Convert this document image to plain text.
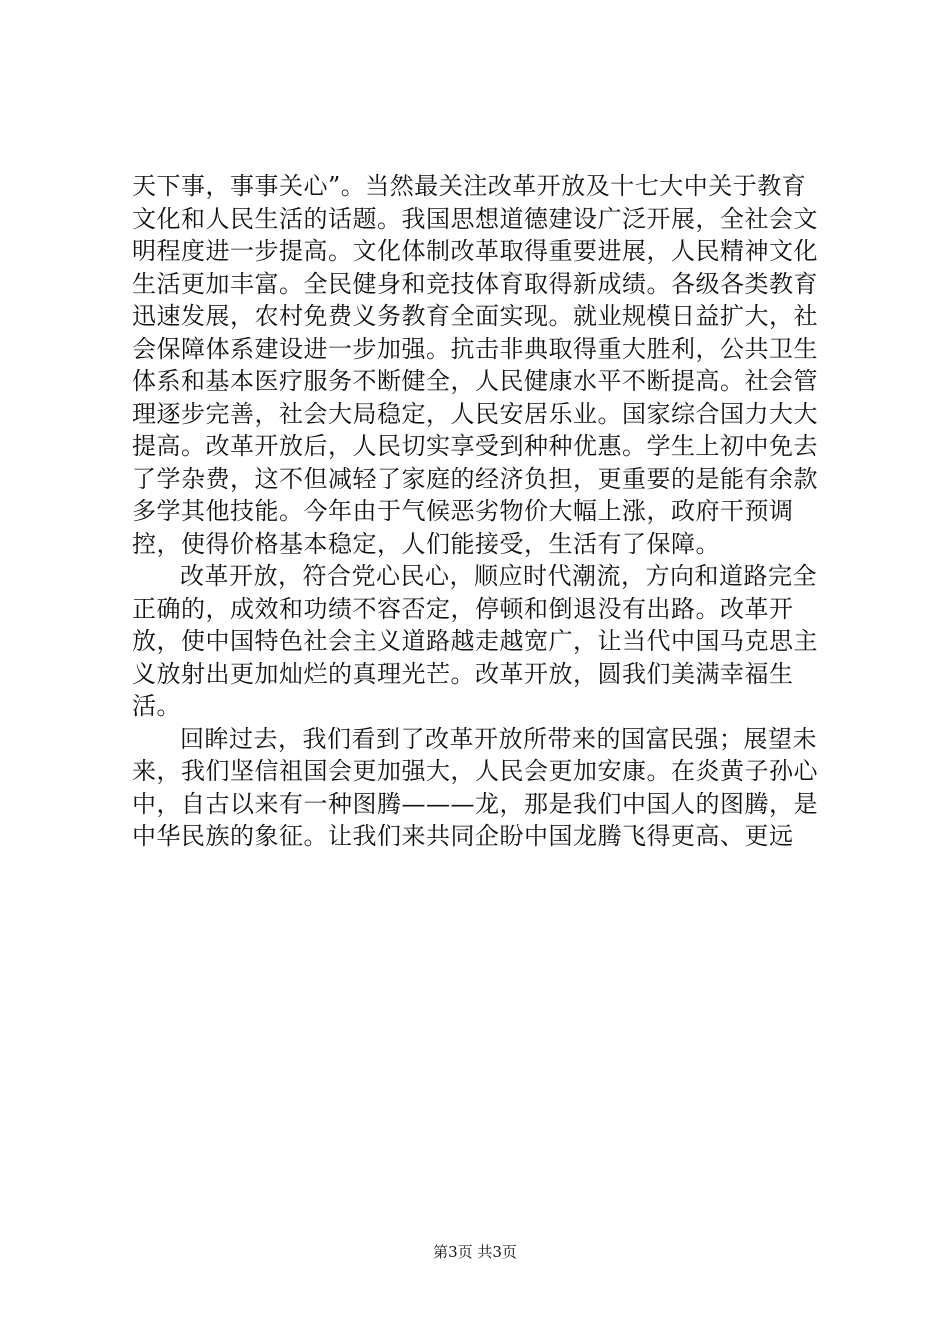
天下事，事事关心”。当然最关注改革开放及十七大中关于教育文化和人民生活的话题。我国思想道德建设广泛开展，全社会文明程度进一步提高。文化体制改革取得重要进展，人民精神文化生活更加丰富。全民健身和竞技体育取得新成绩。各级各类教育迅速发展，农村免费义务教育全面实现。就业规模日益扩大，社会保障体系建设进一步加强。抗击非典取得重大胜利，公共卫生体系和基本医疗服务不断健全，人民健康水平不断提高。社会管理逐步完善，社会大局稳定，人民安居乐业。国家综合国力大大提高。改革开放后，人民切实享受到种种优惠。学生上初中免去了学杂费，这不但减轻了家庭的经济负担，更重要的是能有余款多学其他技能。今年由于气候恶劣物价大幅上涨，政府干预调控，使得价格基本稳定，人们能接受，生活有了保障。

改革开放，符合党心民心，顺应时代潮流，方向和道路完全正确的，成效和功绩不容否定，停顿和倒退没有出路。改革开放，使中国特色社会主义道路越走越宽广，让当代中国马克思主义放射出更加灿烂的真理光芒。改革开放，圆我们美满幸福生活。

回眸过去，我们看到了改革开放所带来的国富民强；展望未来，我们坚信祖国会更加强大，人民会更加安康。在炎黄子孙心中，自古以来有一种图腾———龙，那是我们中国人的图腾，是中华民族的象征。让我们来共同企盼中国龙腾飞得更高、更远

第3页 共3页
